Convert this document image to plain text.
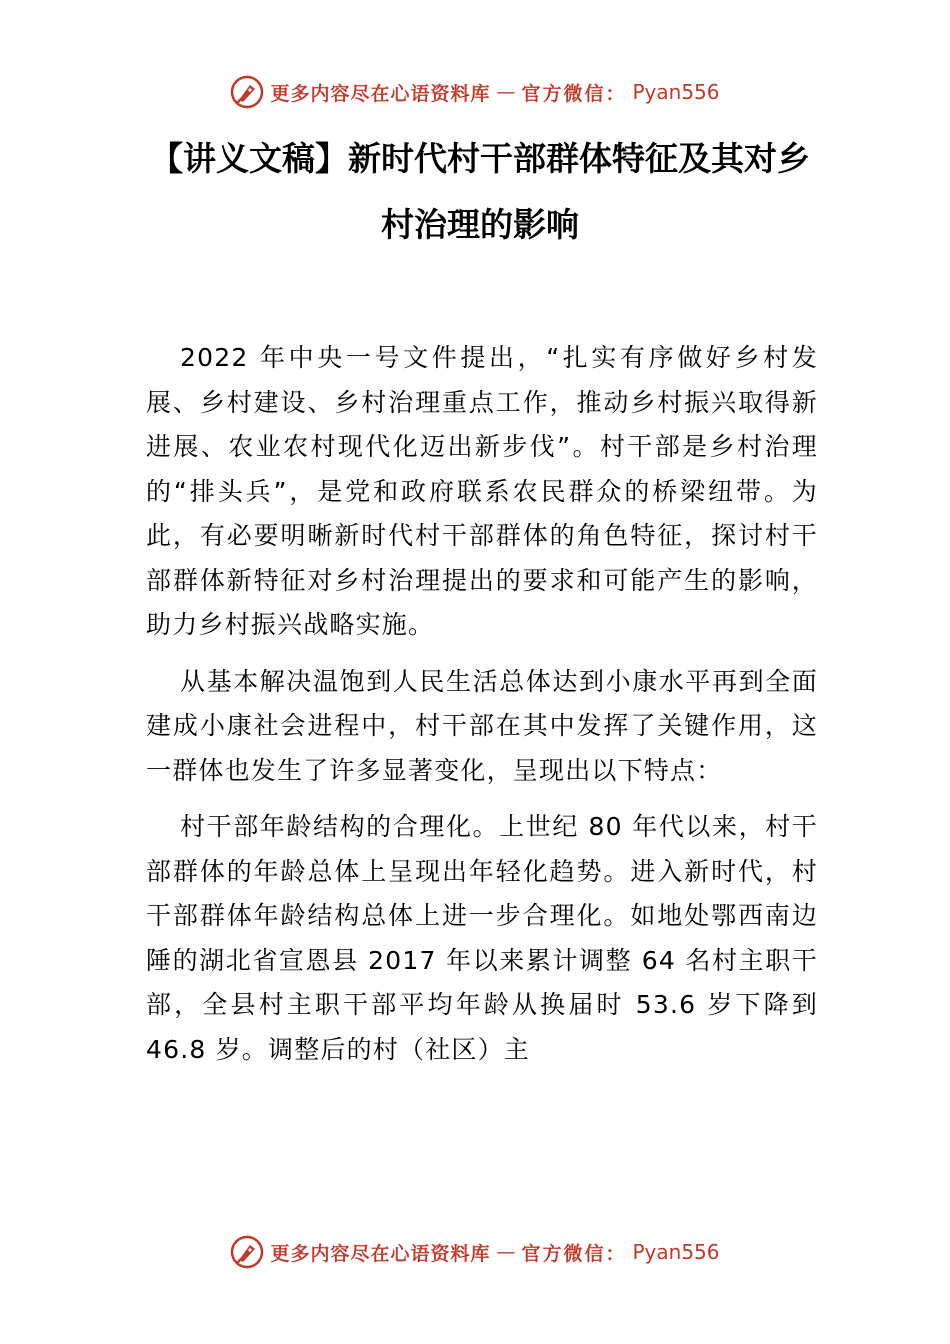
更多内容尽在心语资料库 — 官方微信： Pyan556
【讲义文稿】新时代村干部群体特征及其对乡村治理的影响

2022 年中央一号文件提出，“扎实有序做好乡村发展、乡村建设、乡村治理重点工作，推动乡村振兴取得新进展、农业农村现代化迈出新步伐”。村干部是乡村治理的“排头兵”，是党和政府联系农民群众的桥梁纽带。为此，有必要明晰新时代村干部群体的角色特征，探讨村干部群体新特征对乡村治理提出的要求和可能产生的影响，助力乡村振兴战略实施。

从基本解决温饱到人民生活总体达到小康水平再到全面建成小康社会进程中，村干部在其中发挥了关键作用，这一群体也发生了许多显著变化，呈现出以下特点：

村干部年龄结构的合理化。上世纪 80 年代以来，村干部群体的年龄总体上呈现出年轻化趋势。进入新时代，村干部群体年龄结构总体上进一步合理化。如地处鄂西南边陲的湖北省宣恩县 2017 年以来累计调整 64 名村主职干部，全县村主职干部平均年龄从换届时 53.6 岁下降到 46.8 岁。调整后的村（社区）主

更多内容尽在心语资料库 — 官方微信： Pyan556
